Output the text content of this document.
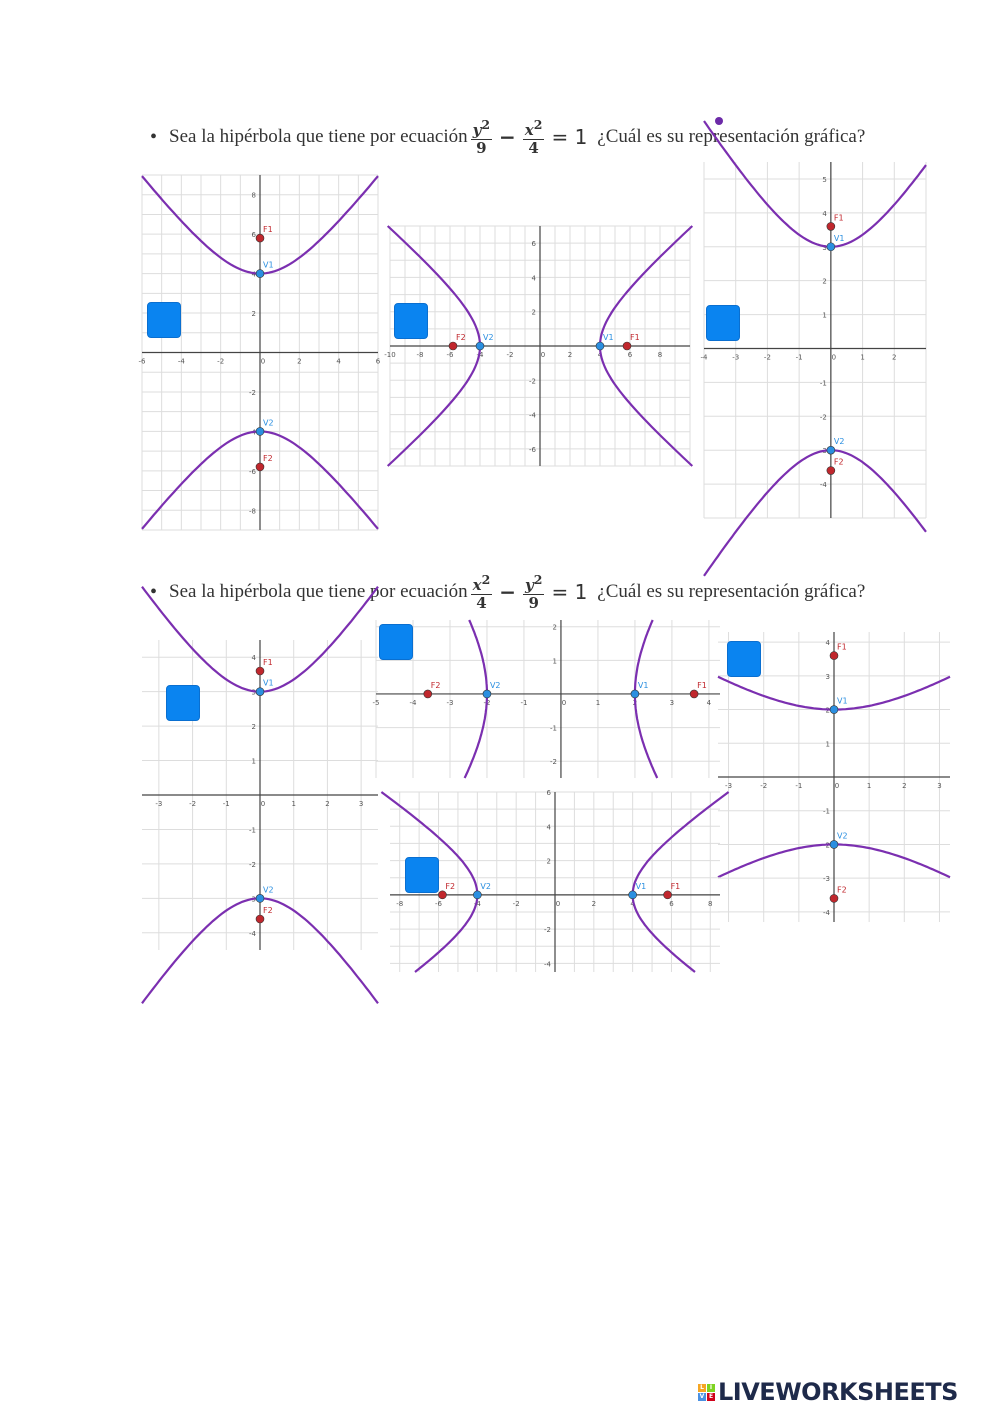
• Sea la hipérbola que tiene por ecuación $\frac{y^2}{9} - \frac{x^2}{4} = 1$ ¿Cuál es su representación gráfica?
• Sea la hipérbola que tiene por ecuación $\frac{x^2}{4} - \frac{y^2}{9} = 1$ ¿Cuál es su representación gráfica?
-6	-4	-2	0	2	4	6
8
6
4
2
-2
-4
-6
-8
F1
V1
V2
F2
-10	-8	-6	-4	-2	0	2	4	6	8
6
4
2
-2
-4
-6
F2 V2	V1 F1
-4	-3	-2	-1	0	1	2
5
4
3
2
1
-1
-2
-3
-4
F1
V1
V2
F2
-3	-2	-1	0	1	2	3
4
3
2
1
-1
-2
-3
-4
F1
V1
V2
F2
-5	-4	-3	-2	-1	0	1	2	3	4
2
1
-1
-2
F2	V2	V1	F1
-3	-2	-1	0	1	2	3
4
3
2
1
-1
-2
-3
-4
F1
V1
V2
F2
-8	-6	-4	-2	0	2	4	6	8
6
4
2
-2
-4
F2	V2	V1	F1
L I
V E LIVEWORKSHEETS
